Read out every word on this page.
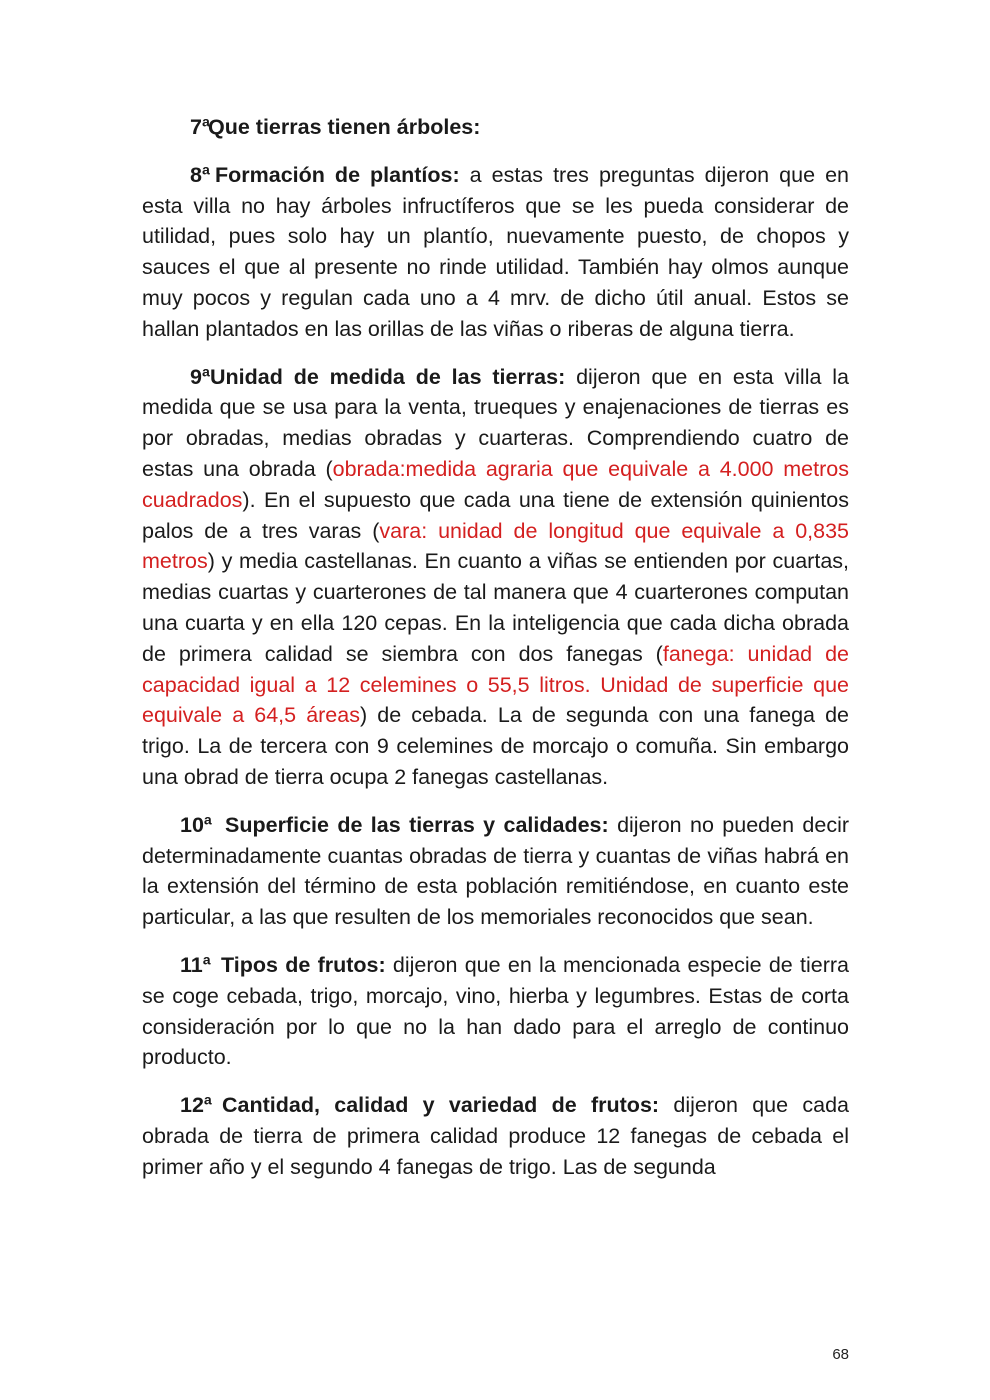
7ªQue tierras tienen árboles:

8ª Formación de plantíos: a estas tres preguntas dijeron que en esta villa no hay árboles infructíferos que se les pueda considerar de utilidad, pues solo hay un plantío, nuevamente puesto, de chopos y sauces el que al presente no rinde utilidad. También hay olmos aunque muy pocos y regulan cada uno a 4 mrv. de dicho útil anual. Estos se hallan plantados en las orillas de las viñas o riberas de alguna tierra.

9ªUnidad de medida de las tierras: dijeron que en esta villa la medida que se usa para la venta, trueques y enajenaciones de tierras es por obradas, medias obradas y cuarteras. Comprendiendo cuatro de estas una obrada (obrada:medida agraria que equivale a 4.000 metros cuadrados). En el supuesto que cada una tiene de extensión quinientos palos de a tres varas (vara: unidad de longitud que equivale a 0,835 metros) y media castellanas. En cuanto a viñas se entienden por cuartas, medias cuartas y cuarterones de tal manera que 4 cuarterones computan una cuarta y en ella 120 cepas. En la inteligencia que cada dicha obrada de primera calidad se siembra con dos fanegas (fanega: unidad de capacidad igual a 12 celemines o 55,5 litros. Unidad de superficie que equivale a 64,5 áreas) de cebada. La de segunda con una fanega de trigo. La de tercera con 9 celemines de morcajo o comuña. Sin embargo una obrad de tierra ocupa 2 fanegas castellanas.

10ª Superficie de las tierras y calidades: dijeron no pueden decir determinadamente cuantas obradas de tierra y cuantas de viñas habrá en la extensión del término de esta población remitiéndose, en cuanto este particular, a las que resulten de los memoriales reconocidos que sean.

11ª Tipos de frutos: dijeron que en la mencionada especie de tierra se coge cebada, trigo, morcajo, vino, hierba y legumbres. Estas de corta consideración por lo que no la han dado para el arreglo de continuo producto.

12ª Cantidad, calidad y variedad de frutos: dijeron que cada obrada de tierra de primera calidad produce 12 fanegas de cebada el primer año y el segundo 4 fanegas de trigo. Las de segunda

68
